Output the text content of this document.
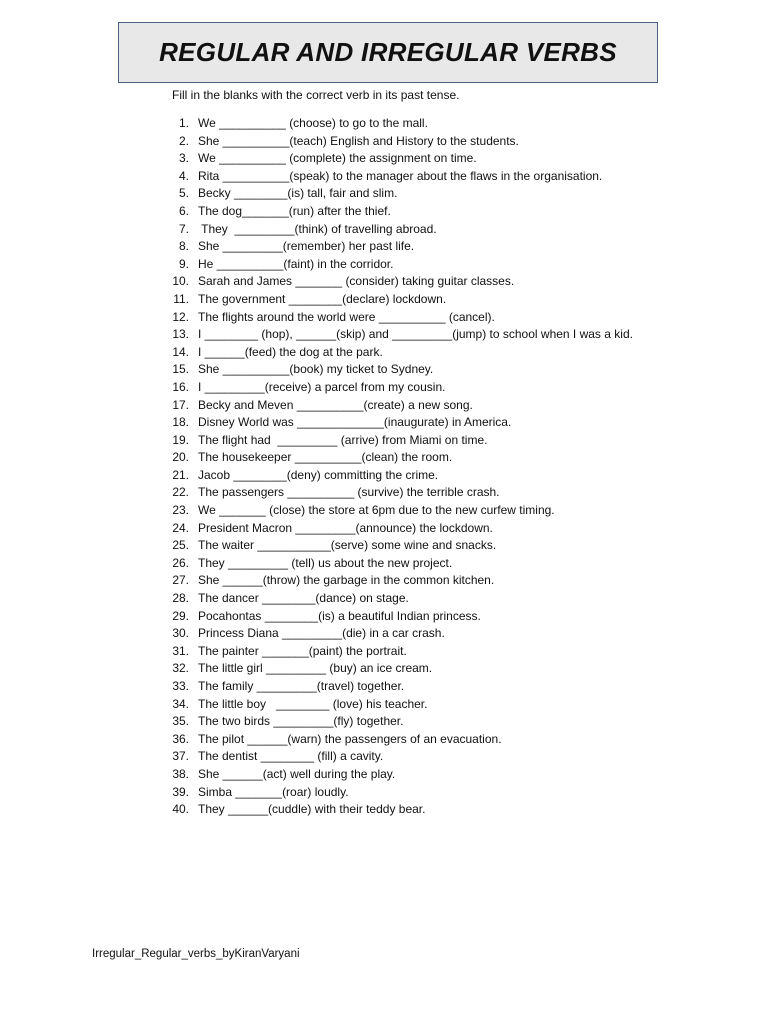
REGULAR AND IRREGULAR VERBS
Fill in the blanks with the correct verb in its past tense.
1. We __________ (choose) to go to the mall.
2. She __________(teach) English and History to the students.
3. We __________ (complete) the assignment on time.
4. Rita __________(speak) to the manager about the flaws in the organisation.
5. Becky ________(is) tall, fair and slim.
6. The dog_______(run) after the thief.
7. They  _________(think) of travelling abroad.
8. She _________(remember) her past life.
9. He __________(faint) in the corridor.
10. Sarah and James _______ (consider) taking guitar classes.
11. The government ________(declare) lockdown.
12. The flights around the world were __________ (cancel).
13. I ________ (hop), ______(skip) and _________(jump) to school when I was a kid.
14. I ______(feed) the dog at the park.
15. She __________(book) my ticket to Sydney.
16. I _________(receive) a parcel from my cousin.
17. Becky and Meven __________(create) a new song.
18. Disney World was _____________(inaugurate) in America.
19. The flight had  _________ (arrive) from Miami on time.
20. The housekeeper __________(clean) the room.
21. Jacob ________(deny) committing the crime.
22. The passengers __________ (survive) the terrible crash.
23. We _______ (close) the store at 6pm due to the new curfew timing.
24. President Macron _________(announce) the lockdown.
25. The waiter ___________(serve) some wine and snacks.
26. They _________ (tell) us about the new project.
27. She ______(throw) the garbage in the common kitchen.
28. The dancer ________(dance) on stage.
29. Pocahontas ________(is) a beautiful Indian princess.
30. Princess Diana _________(die) in a car crash.
31. The painter _______(paint) the portrait.
32. The little girl _________ (buy) an ice cream.
33. The family _________(travel) together.
34. The little boy   ________ (love) his teacher.
35. The two birds _________(fly) together.
36. The pilot ______(warn) the passengers of an evacuation.
37. The dentist ________ (fill) a cavity.
38. She ______(act) well during the play.
39. Simba _______(roar) loudly.
40. They ______(cuddle) with their teddy bear.
Irregular_Regular_verbs_byKiranVaryani
